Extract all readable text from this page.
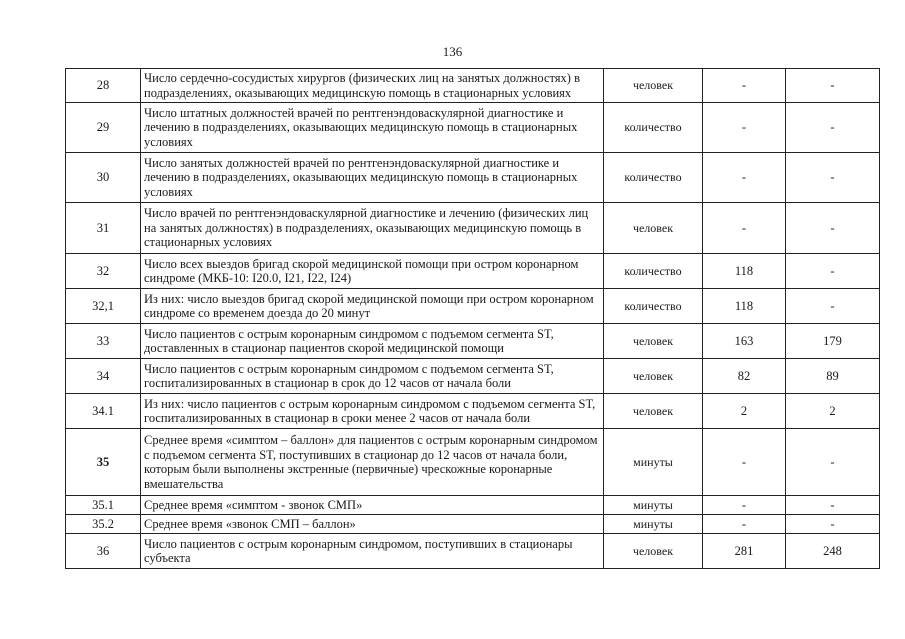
136
28	Число сердечно-сосудистых хирургов (физических лиц на занятых должностях) в подразделениях, оказывающих медицинскую помощь в стационарных условиях	человек	-	-
29	Число штатных должностей врачей по рентгенэндоваскулярной диагностике и лечению в подразделениях, оказывающих медицинскую помощь в стационарных условиях	количество	-	-
30	Число занятых должностей врачей по рентгенэндоваскулярной диагностике и лечению в подразделениях, оказывающих медицинскую помощь в стационарных условиях	количество	-	-
31	Число врачей по рентгенэндоваскулярной диагностике и лечению (физических лиц на занятых должностях) в подразделениях, оказывающих медицинскую помощь в стационарных условиях	человек	-	-
32	Число всех выездов бригад скорой медицинской помощи при остром коронарном синдроме (МКБ-10: I20.0, I21, I22, I24)	количество	118	-
32,1	Из них: число выездов бригад скорой медицинской помощи при остром коронарном синдроме со временем доезда до 20 минут	количество	118	-
33	Число пациентов с острым коронарным синдромом с подъемом сегмента ST, доставленных в стационар пациентов скорой медицинской помощи	человек	163	179
34	Число пациентов с острым коронарным синдромом с подъемом сегмента ST, госпитализированных в стационар в срок до 12 часов от начала боли	человек	82	89
34.1	Из них: число пациентов с острым коронарным синдромом с подъемом сегмента ST, госпитализированных в стационар в сроки менее 2 часов от начала боли	человек	2	2
35	Среднее время «симптом – баллон» для пациентов с острым коронарным синдромом с подъемом сегмента ST, поступивших в стационар до 12 часов от начала боли, которым были выполнены экстренные (первичные) чрескожные коронарные вмешательства	минуты	-	-
35.1	Среднее время «симптом - звонок СМП»	минуты	-	-
35.2	Среднее время «звонок СМП – баллон»	минуты	-	-
36	Число пациентов с острым коронарным синдромом, поступивших в стационары субъекта	человек	281	248
